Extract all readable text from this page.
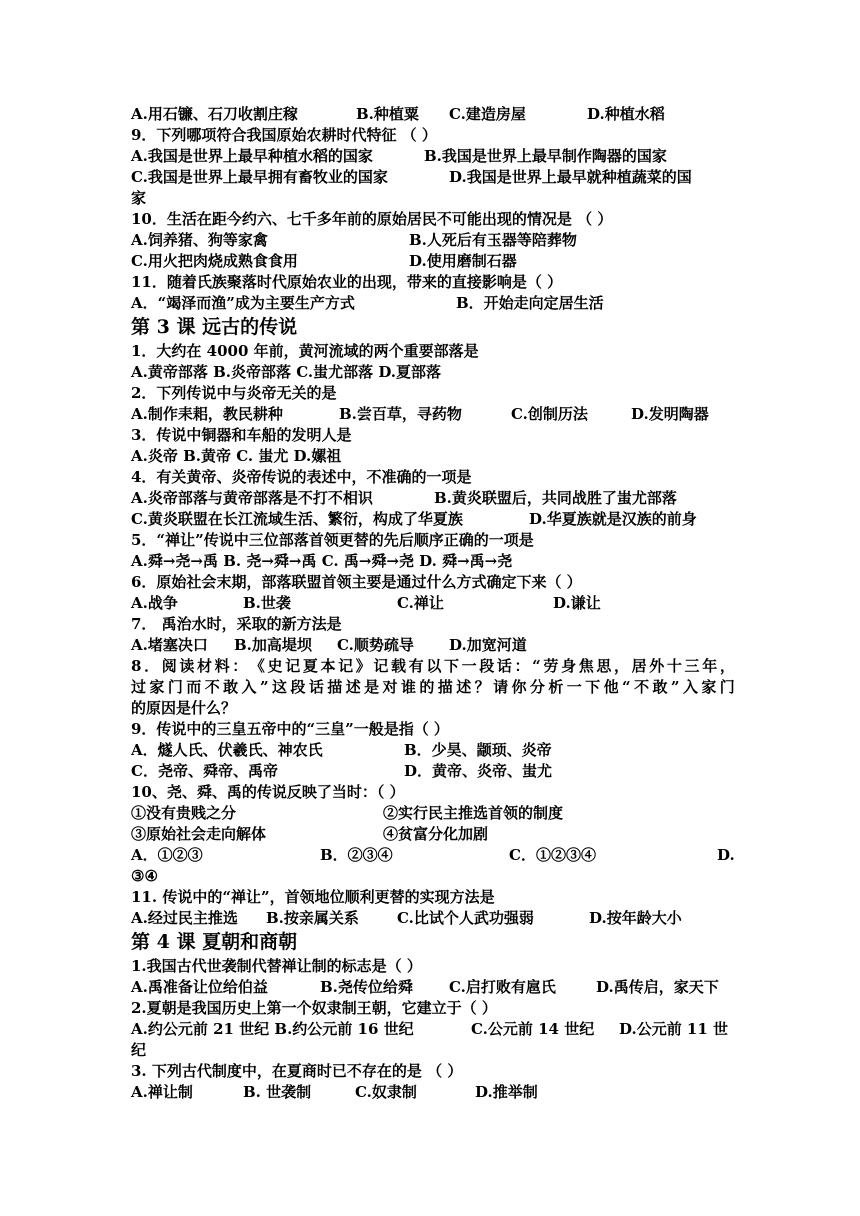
A.用石镰、石刀收割庄稼	B.种植粟 C.建造房屋	D.种植水稻
9．下列哪项符合我国原始农耕时代特征 （ ）
A.我国是世界上最早种植水稻的国家	B.我国是世界上最早制作陶器的国家
C.我国是世界上最早拥有畜牧业的国家	D.我国是世界上最早就种植蔬菜的国
家
10．生活在距今约六、七千多年前的原始居民不可能出现的情况是 （ ）
A.饲养猪、狗等家禽	B.人死后有玉器等陪葬物
C.用火把肉烧成熟食食用	D.使用磨制石器
11．随着氏族聚落时代原始农业的出现，带来的直接影响是（ ）
A．“竭泽而渔”成为主要生产方式	B．开始走向定居生活
第 3 课 远古的传说
1．大约在 4000 年前，黄河流域的两个重要部落是
A.黄帝部落 B.炎帝部落 C.蚩尤部落 D.夏部落
2．下列传说中与炎帝无关的是
A.制作耒耜，教民耕种	B.尝百草，寻药物	C.创制历法	D.发明陶器
3．传说中铜器和车船的发明人是
A.炎帝 B.黄帝 C. 蚩尤 D.嫘祖
4．有关黄帝、炎帝传说的表述中，不准确的一项是
A.炎帝部落与黄帝部落是不打不相识	B.黄炎联盟后，共同战胜了蚩尤部落
C.黄炎联盟在长江流域生活、繁衍，构成了华夏族	D.华夏族就是汉族的前身
5．“禅让”传说中三位部落首领更替的先后顺序正确的一项是
A.舜→尧→禹 B. 尧→舜→禹 C. 禹→舜→尧 D. 舜→禹→尧
6．原始社会末期，部落联盟首领主要是通过什么方式确定下来（ ）
A.战争	B.世袭	C.禅让	D.谦让
7． 禹治水时，采取的新方法是
A.堵塞决口 B.加高堤坝 C.顺势疏导 D.加宽河道
8 ． 阅 读 材 料 ： 《 史 记 夏 本 记 》 记 载 有 以 下 一 段 话 ： “ 劳 身 焦 思 ， 居 外 十 三 年 ，
过 家 门 而 不 敢 入 ” 这 段 话 描 述 是 对 谁 的 描 述 ？ 请 你 分 析 一 下 他 “ 不 敢 ” 入 家 门
的原因是什么？
9．传说中的三皇五帝中的“三皇”一般是指（ ）
A．燧人氏、伏羲氏、神农氏	B．少昊、颛顼、炎帝
C．尧帝、舜帝、禹帝	D．黄帝、炎帝、蚩尤
10、尧、舜、禹的传说反映了当时：（ ）
①没有贵贱之分	②实行民主推选首领的制度
③原始社会走向解体	④贫富分化加剧
A．①②③	B．②③④	C．①②③④	D.
③④
11. 传说中的“禅让”，首领地位顺利更替的实现方法是
A.经过民主推选 B.按亲属关系	C.比试个人武功强弱	D.按年龄大小
第 4 课 夏朝和商朝
1.我国古代世袭制代替禅让制的标志是（ ）
A.禹准备让位给伯益	B.尧传位给舜 C.启打败有扈氏	D.禹传启，家天下
2.夏朝是我国历史上第一个奴隶制王朝，它建立于（ ）
A.约公元前 21 世纪 B.约公元前 16 世纪	C.公元前 14 世纪 D.公元前 11 世
纪
3. 下列古代制度中，在夏商时已不存在的是 （ ）
A.禅让制	B. 世袭制	C.奴隶制	D.推举制
